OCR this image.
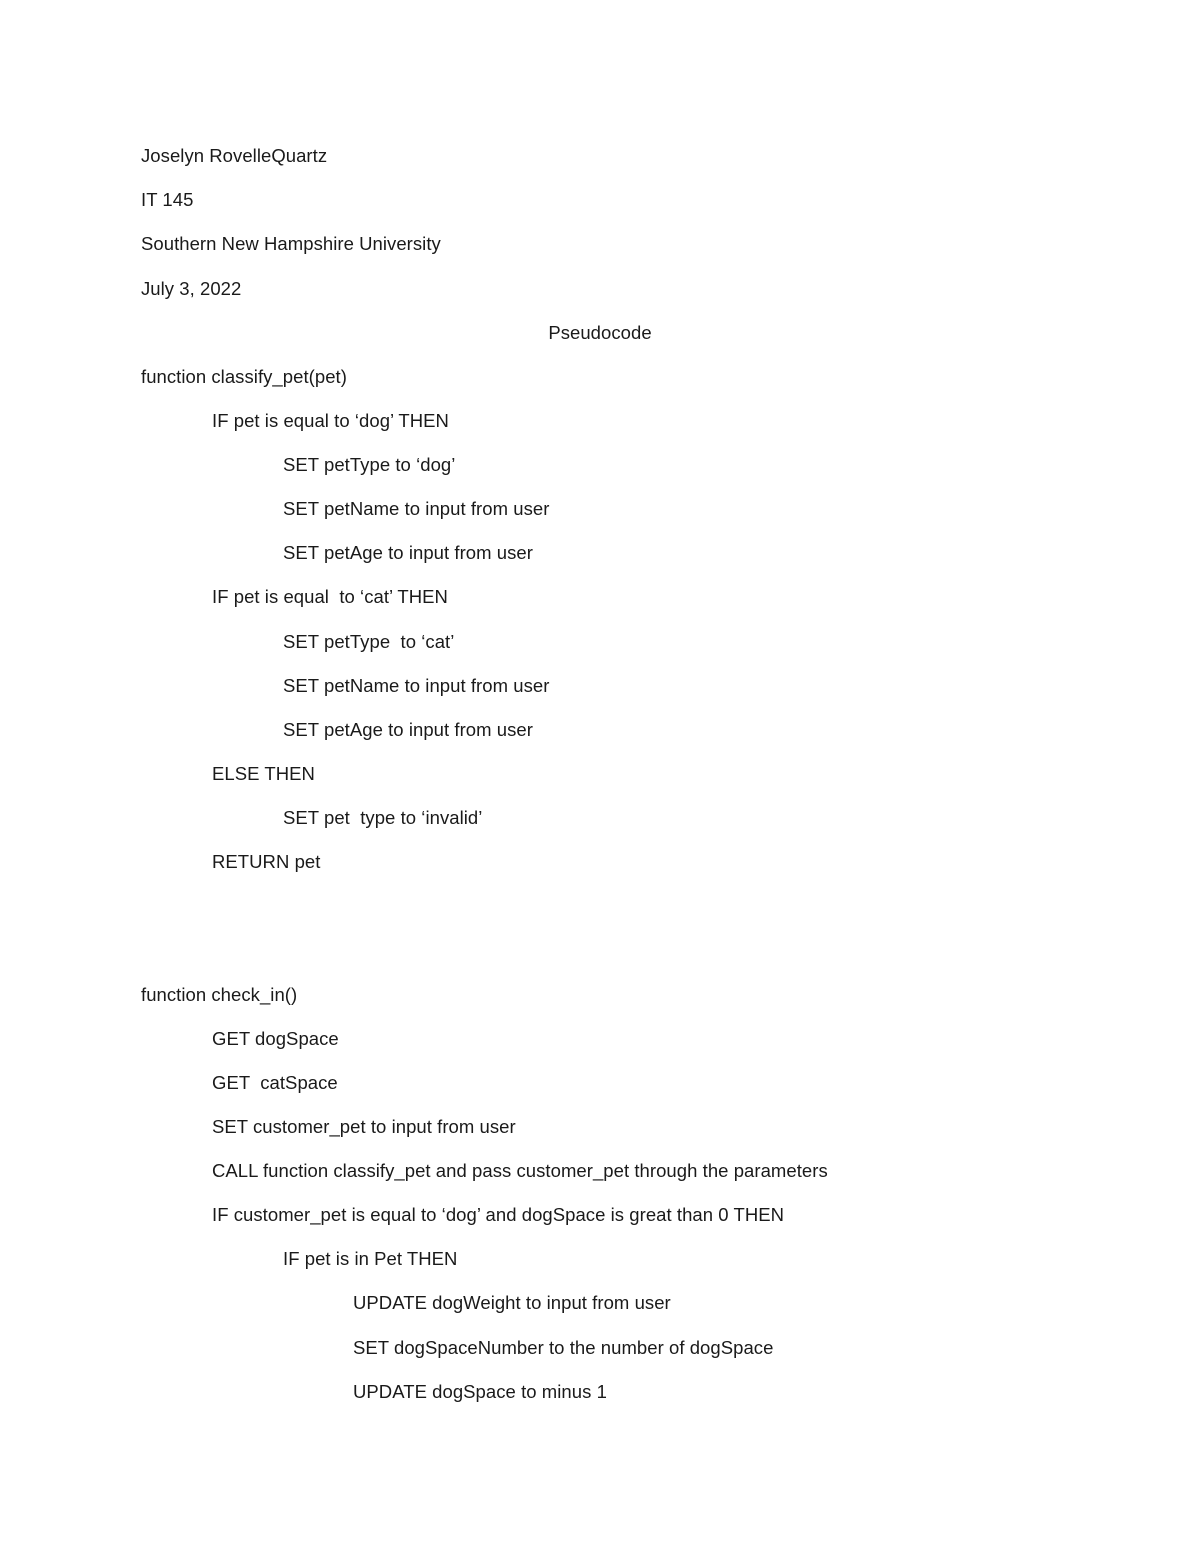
Joselyn RovelleQuartz
IT 145
Southern New Hampshire University
July 3, 2022
Pseudocode
function classify_pet(pet)
IF pet is equal to ‘dog’ THEN
SET petType to ‘dog’
SET petName to input from user
SET petAge to input from user
IF pet is equal  to ‘cat’ THEN
SET petType  to ‘cat’
SET petName to input from user
SET petAge to input from user
ELSE THEN
SET pet  type to ‘invalid’
RETURN pet
function check_in()
GET dogSpace
GET  catSpace
SET customer_pet to input from user
CALL function classify_pet and pass customer_pet through the parameters
IF customer_pet is equal to ‘dog’ and dogSpace is great than 0 THEN
IF pet is in Pet THEN
UPDATE dogWeight to input from user
SET dogSpaceNumber to the number of dogSpace
UPDATE dogSpace to minus 1
